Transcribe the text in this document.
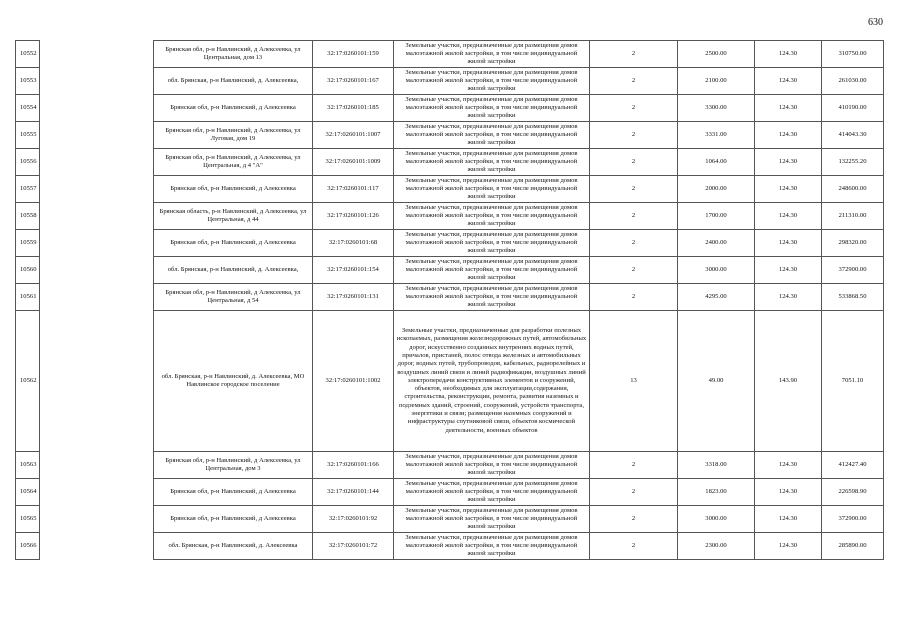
630
10552		Брянская обл, р-н Навлинский, д Алексеевка, ул Центральная, дом 13	32:17:0260101:159	Земельные участки, предназначенные для размещения домов малоэтажной жилой застройки, в том числе индивидуальной жилой застройки	2	2500.00	124.30	310750.00
10553		обл. Брянская, р-н Навлинский, д. Алексеевка,	32:17:0260101:167	Земельные участки, предназначенные для размещения домов малоэтажной жилой застройки, в том числе индивидуальной жилой застройки	2	2100.00	124.30	261030.00
10554		Брянская обл, р-н Навлинский, д Алексеевка	32:17:0260101:185	Земельные участки, предназначенные для размещения домов малоэтажной жилой застройки, в том числе индивидуальной жилой застройки	2	3300.00	124.30	410190.00
10555		Брянская обл, р-н Навлинский, д Алексеевка, ул Луговая, дом 19	32:17:0260101:1007	Земельные участки, предназначенные для размещения домов малоэтажной жилой застройки, в том числе индивидуальной жилой застройки	2	3331.00	124.30	414043.30
10556		Брянская обл, р-н Навлинский, д Алексеевка, ул Центральная, д 4 "А"	32:17:0260101:1009	Земельные участки, предназначенные для размещения домов малоэтажной жилой застройки, в том числе индивидуальной жилой застройки	2	1064.00	124.30	132255.20
10557		Брянская обл, р-н Навлинский, д Алексеевка	32:17:0260101:117	Земельные участки, предназначенные для размещения домов малоэтажной жилой застройки, в том числе индивидуальной жилой застройки	2	2000.00	124.30	248600.00
10558		Брянская область, р-н Навлинский, д Алексеевка, ул Центральная, д 44	32:17:0260101:126	Земельные участки, предназначенные для размещения домов малоэтажной жилой застройки, в том числе индивидуальной жилой застройки	2	1700.00	124.30	211310.00
10559		Брянская обл, р-н Навлинский, д Алексеевка	32:17:0260101:68	Земельные участки, предназначенные для размещения домов малоэтажной жилой застройки, в том числе индивидуальной жилой застройки	2	2400.00	124.30	298320.00
10560		обл. Брянская, р-н Навлинский, д. Алексеевка,	32:17:0260101:154	Земельные участки, предназначенные для размещения домов малоэтажной жилой застройки, в том числе индивидуальной жилой застройки	2	3000.00	124.30	372900.00
10561		Брянская обл, р-н Навлинский, д Алексеевка, ул Центральная, д 54	32:17:0260101:131	Земельные участки, предназначенные для размещения домов малоэтажной жилой застройки, в том числе индивидуальной жилой застройки	2	4295.00	124.30	533868.50
10562		обл. Брянская, р-н Навлинский, д. Алексеевка, МО Навлинское городское поселение	32:17:0260101:1002	Земельные участки, предназначенные для разработки полезных ископаемых, размещения железнодорожных путей, автомобильных дорог, искусственно созданных внутренних водных путей, причалов, пристаней, полос отвода железных и автомобильных дорог, водных путей, трубопроводов, кабельных, радиорелейных и воздушных линий связи и линий радиофикации, воздушных линий электропередачи конструктивных элементов и сооружений, объектов, необходимых для эксплуатации,содержания, строительства, реконструкции, ремонта, развития наземных и подземных зданий, строений, сооружений, устройств транспорта, энергетики и связи; размещения наземных сооружений и инфраструктуры спутниковой связи, объектов космической деятельности, военных объектов	13	49.00	143.90	7051.10
10563		Брянская обл, р-н Навлинский, д Алексеевка, ул Центральная, дом 3	32:17:0260101:166	Земельные участки, предназначенные для размещения домов малоэтажной жилой застройки, в том числе индивидуальной жилой застройки	2	3318.00	124.30	412427.40
10564		Брянская обл, р-н Навлинский, д Алексеевка	32:17:0260101:144	Земельные участки, предназначенные для размещения домов малоэтажной жилой застройки, в том числе индивидуальной жилой застройки	2	1823.00	124.30	226598.90
10565		Брянская обл, р-н Навлинский, д Алексеевка	32:17:0260101:92	Земельные участки, предназначенные для размещения домов малоэтажной жилой застройки, в том числе индивидуальной жилой застройки	2	3000.00	124.30	372900.00
10566		обл. Брянская, р-н Навлинский, д. Алексеевка	32:17:0260101:72	Земельные участки, предназначенные для размещения домов малоэтажной жилой застройки, в том числе индивидуальной жилой застройки	2	2300.00	124.30	285890.00
